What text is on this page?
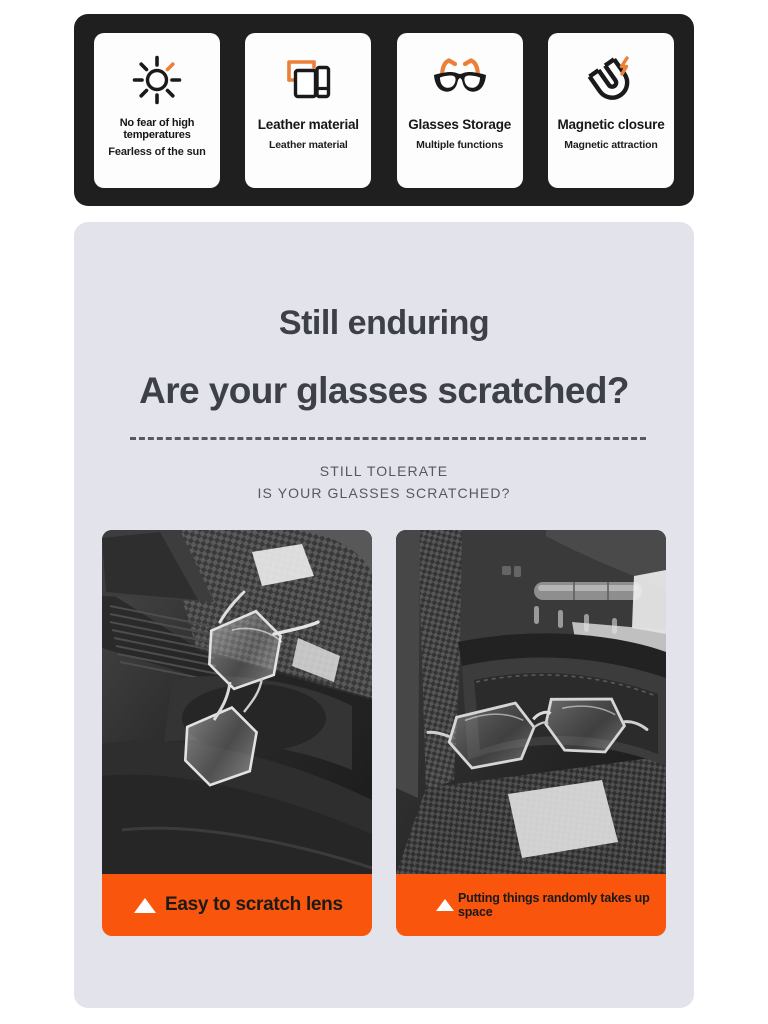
No fear of high temperatures
Fearless of the sun
Leather material
Leather material
Glasses Storage
Multiple functions
Magnetic closure
Magnetic attraction
Still enduring
Are your glasses scratched?
STILL TOLERATE
IS YOUR GLASSES SCRATCHED?
Easy to scratch lens	Putting things randomly takes up space
